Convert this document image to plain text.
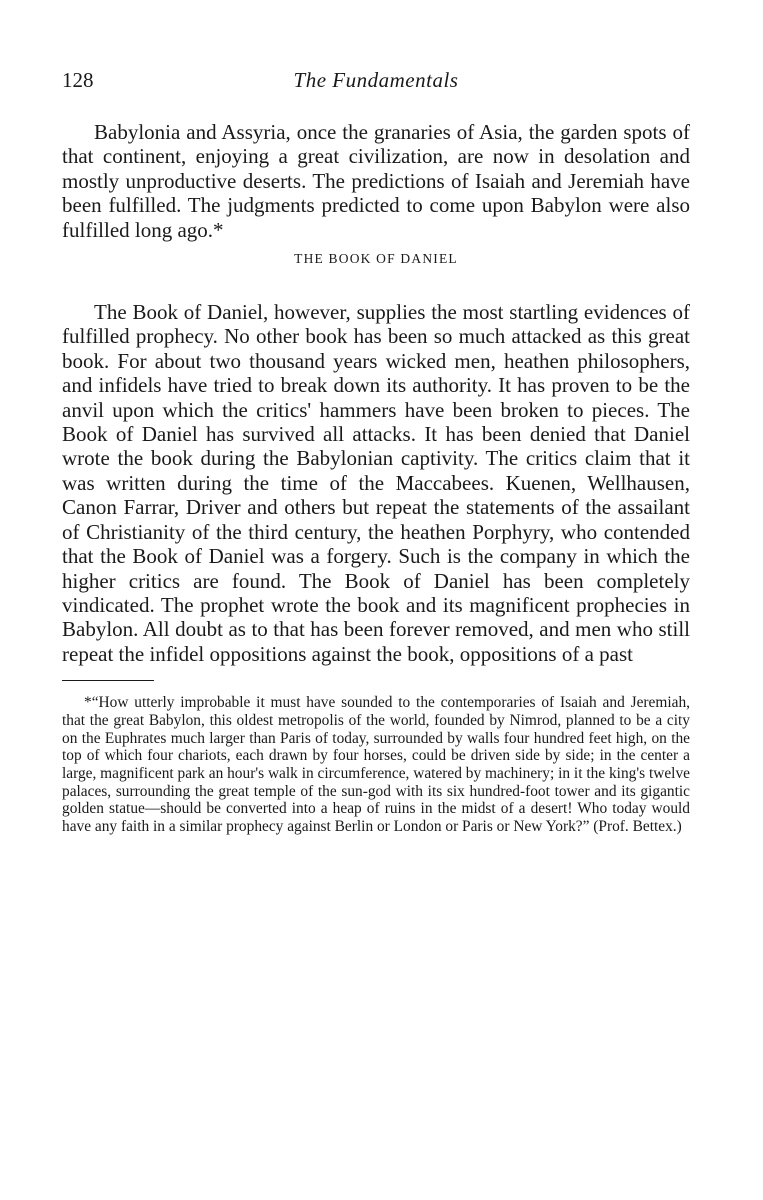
128	The Fundamentals

Babylonia and Assyria, once the granaries of Asia, the garden spots of that continent, enjoying a great civilization, are now in desolation and mostly unproductive deserts. The predictions of Isaiah and Jeremiah have been fulfilled. The judgments predicted to come upon Babylon were also fulfilled long ago.*

THE BOOK OF DANIEL

The Book of Daniel, however, supplies the most startling evidences of fulfilled prophecy. No other book has been so much attacked as this great book. For about two thousand years wicked men, heathen philosophers, and infidels have tried to break down its authority. It has proven to be the anvil upon which the critics' hammers have been broken to pieces. The Book of Daniel has survived all attacks. It has been denied that Daniel wrote the book during the Babylonian captivity. The critics claim that it was written during the time of the Maccabees. Kuenen, Wellhausen, Canon Farrar, Driver and others but repeat the statements of the assailant of Christianity of the third century, the heathen Porphyry, who contended that the Book of Daniel was a forgery. Such is the company in which the higher critics are found. The Book of Daniel has been completely vindicated. The prophet wrote the book and its magnificent prophecies in Babylon. All doubt as to that has been forever removed, and men who still repeat the infidel oppositions against the book, oppositions of a past

*“How utterly improbable it must have sounded to the contemporaries of Isaiah and Jeremiah, that the great Babylon, this oldest metropolis of the world, founded by Nimrod, planned to be a city on the Euphrates much larger than Paris of today, surrounded by walls four hundred feet high, on the top of which four chariots, each drawn by four horses, could be driven side by side; in the center a large, magnificent park an hour's walk in circumference, watered by machinery; in it the king's twelve palaces, surrounding the great temple of the sun-god with its six hundred-foot tower and its gigantic golden statue—should be converted into a heap of ruins in the midst of a desert! Who today would have any faith in a similar prophecy against Berlin or London or Paris or New York?” (Prof. Bettex.)
